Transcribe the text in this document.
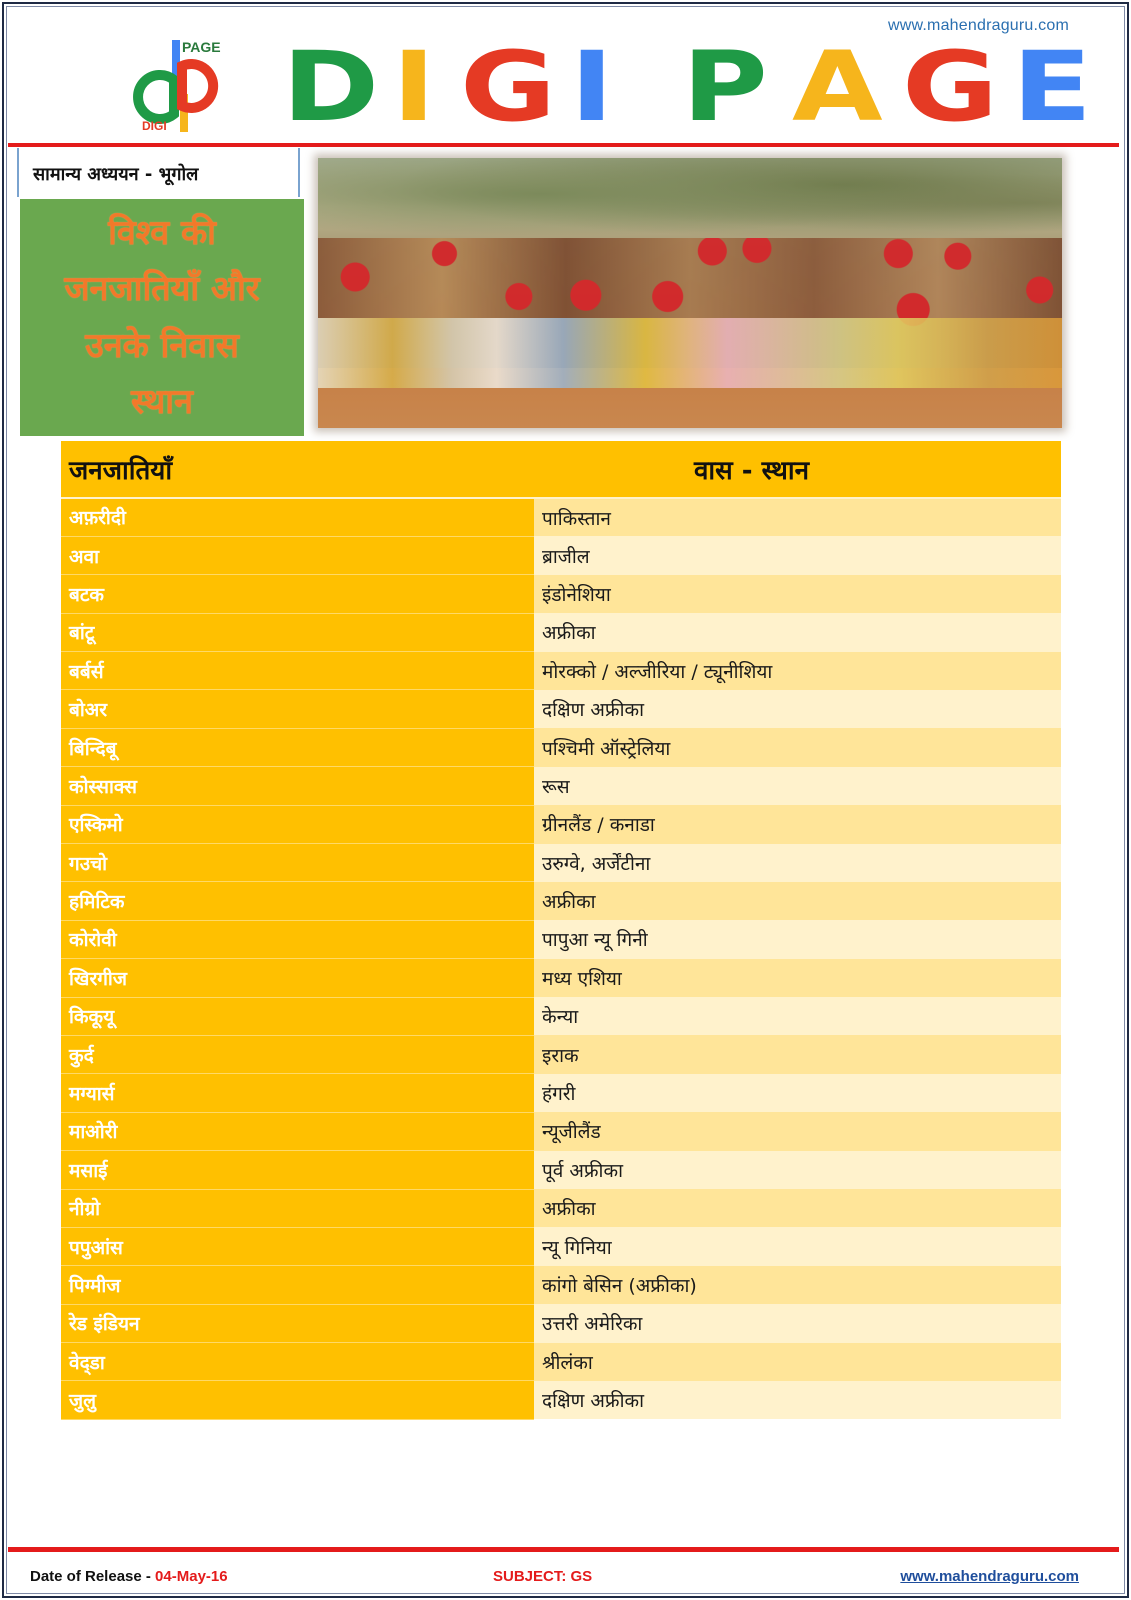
www.mahendraguru.com
PAGE
DIGI D I G I P A G E
सामान्य अध्ययन - भूगोल
विश्व की
जनजातियाँ और
उनके निवास
स्थान
जनजातियाँ	वास - स्थान
अफ़रीदी	पाकिस्तान
अवा	ब्राजील
बटक	इंडोनेशिया
बांटू	अफ्रीका
बर्बर्स	मोरक्को / अल्जीरिया / ट्यूनीशिया
बोअर	दक्षिण अफ्रीका
बिन्दिबू	पश्चिमी ऑस्ट्रेलिया
कोस्साक्स	रूस
एस्किमो	ग्रीनलैंड / कनाडा
गउचो	उरुग्वे, अर्जेंटीना
हमिटिक	अफ्रीका
कोरोवी	पापुआ न्यू गिनी
खिरगीज	मध्य एशिया
किकूयू	केन्या
कुर्द	इराक
मग्यार्स	हंगरी
माओरी	न्यूजीलैंड
मसाई	पूर्व अफ्रीका
नीग्रो	अफ्रीका
पपुआंस	न्यू गिनिया
पिग्मीज	कांगो बेसिन (अफ्रीका)
रेड इंडियन	उत्तरी अमेरिका
वेद्डा	श्रीलंका
जुलु	दक्षिण अफ्रीका
Date of Release - 04-May-16	SUBJECT: GS	www.mahendraguru.com
